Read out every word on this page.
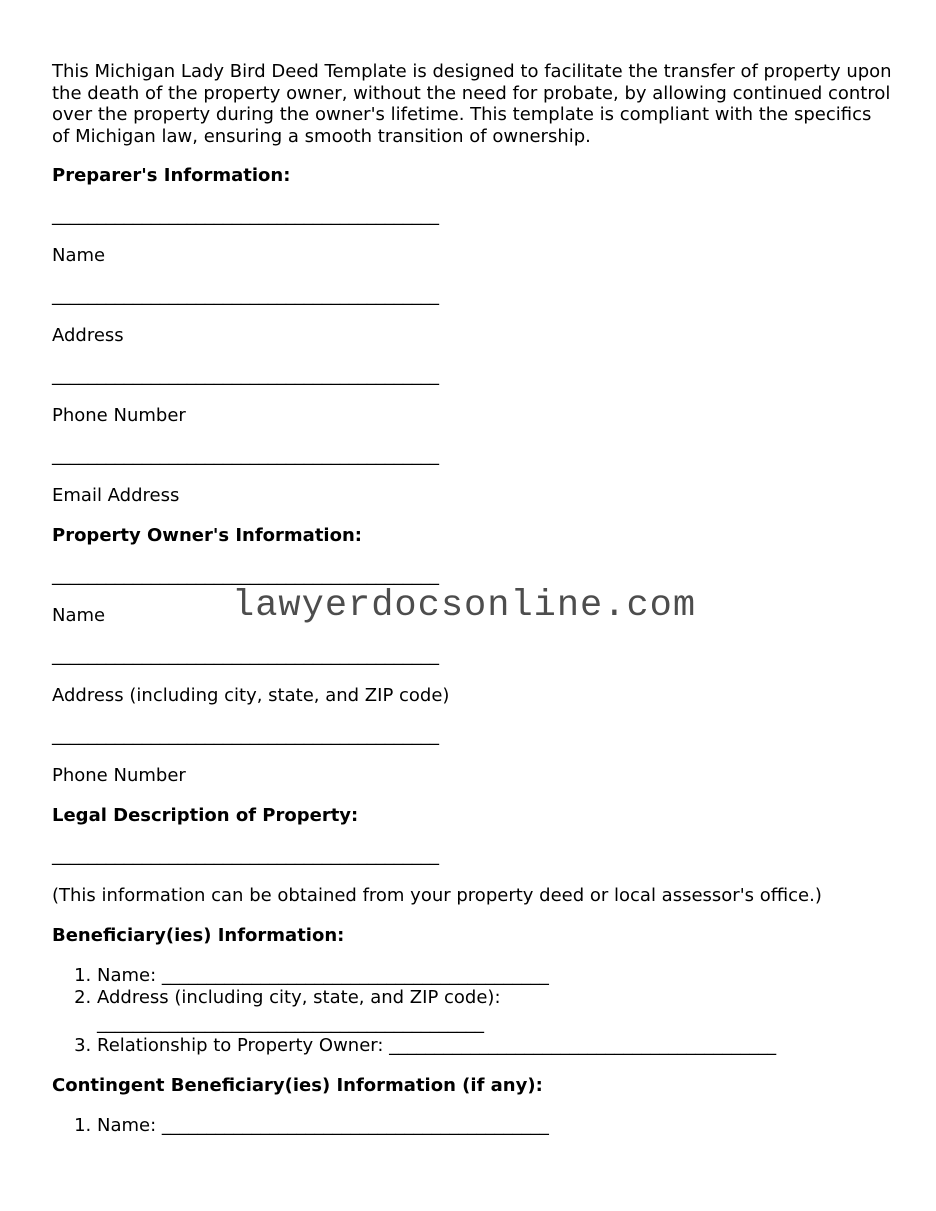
This Michigan Lady Bird Deed Template is designed to facilitate the transfer of property upon the death of the property owner, without the need for probate, by allowing continued control over the property during the owner's lifetime. This template is compliant with the specifics of Michigan law, ensuring a smooth transition of ownership.

Preparer's Information:

___________________________________________
Name
___________________________________________
Address
___________________________________________
Phone Number
___________________________________________
Email Address

Property Owner's Information:

___________________________________________
Name
___________________________________________
Address (including city, state, and ZIP code)
___________________________________________
Phone Number

Legal Description of Property:

___________________________________________

(This information can be obtained from your property deed or local assessor's office.)

Beneficiary(ies) Information:

1. Name: ___________________________________________
2. Address (including city, state, and ZIP code):
___________________________________________
3. Relationship to Property Owner: ___________________________________________

Contingent Beneficiary(ies) Information (if any):

1. Name: ___________________________________________
lawyerdocsonline.com
